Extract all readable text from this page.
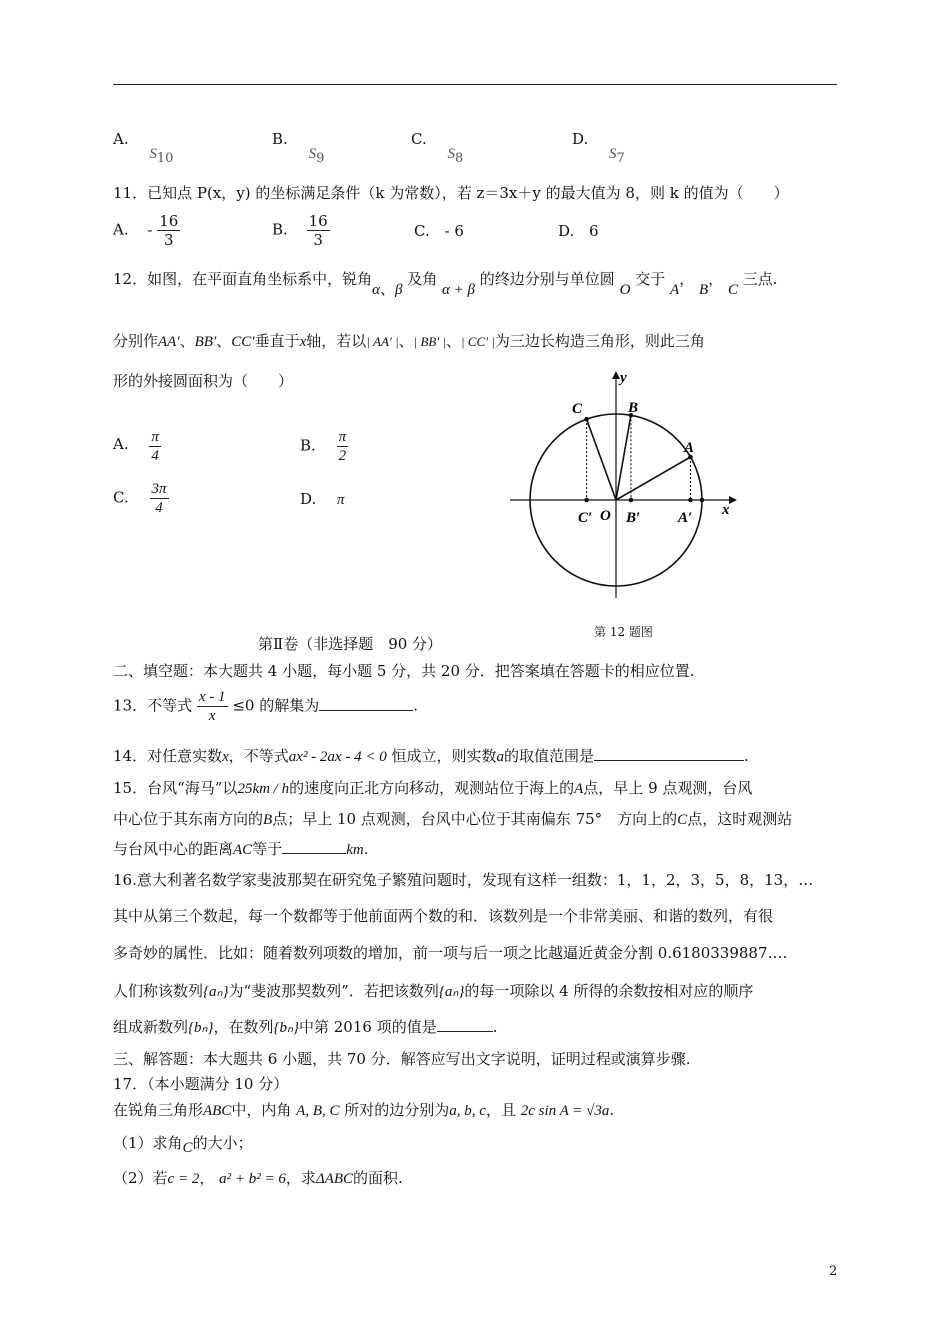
A. $S_{10}$
B. $S_9$
C. $S_8$
D. $S_7$
11．已知点 P(x，y) 的坐标满足条件（k 为常数），若 z＝3x＋y 的最大值为 8，则 k 的值为（　　）
A. - $\frac{16}{3}$	B. $\frac{16}{3}$	C. - 6	D. 6
12．如图，在平面直角坐标系中，锐角α、β 及角 α + β 的终边分别与单位圆 O 交于 A， B， C 三点.
分别作AA′、BB′、CC′垂直于x轴，若以| AA′ |、| BB′ |、| CC′ |为三边长构造三角形，则此三角
形的外接圆面积为（　　）
A. $\frac{\pi}{4}$	B. $\frac{\pi}{2}$
C. $\frac{3\pi}{4}$	D. π
y
x
A
B
C
O	A′
B′
C′
第 12 题图
第Ⅱ卷（非选择题　90 分）
二、填空题：本大题共 4 小题，每小题 5 分，共 20 分．把答案填在答题卡的相应位置.
13．不等式 $\frac{x - 1}{x} \le 0$ 的解集为	.
14．对任意实数x，不等式ax² - 2ax - 4 < 0 恒成立，则实数a的取值范围是	.
15．台风“海马”以25km / h的速度向正北方向移动，观测站位于海上的A点，早上 9 点观测，台风
中心位于其东南方向的B点；早上 10 点观测，台风中心位于其南偏东 75°　方向上的C点，这时观测站
与台风中心的距离AC等于	km.
16.意大利著名数学家斐波那契在研究兔子繁殖问题时，发现有这样一组数：1，1，2，3，5，8，13，…
其中从第三个数起，每一个数都等于他前面两个数的和．该数列是一个非常美丽、和谐的数列，有很
多奇妙的属性．比如：随着数列项数的增加，前一项与后一项之比越逼近黄金分割 0.6180339887….
人们称该数列{aₙ}为“斐波那契数列”．若把该数列{aₙ}的每一项除以 4 所得的余数按相对应的顺序
组成新数列{bₙ}，在数列{bₙ}中第 2016 项的值是	.
三、解答题：本大题共 6 小题，共 70 分．解答应写出文字说明，证明过程或演算步骤.
17．（本小题满分 10 分）
在锐角三角形ABC中，内角 A, B, C 所对的边分别为a, b, c，且 2c sin A = √3a.
（1）求角C的大小；
（2）若c = 2， a² + b² = 6，求ΔABC的面积.
2
